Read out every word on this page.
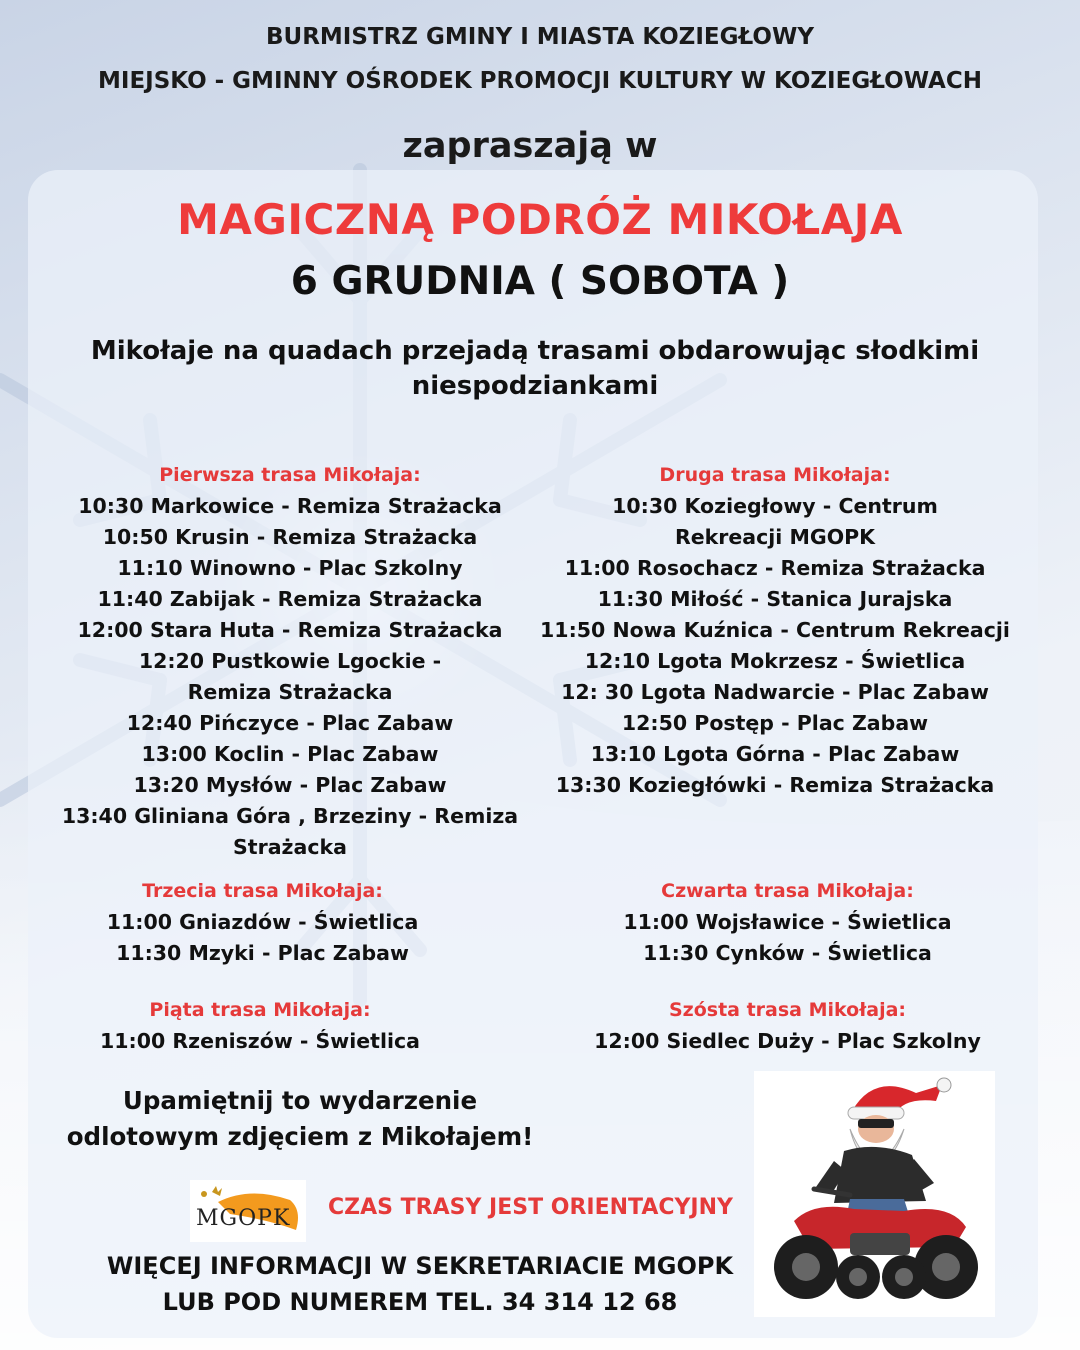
BURMISTRZ GMINY I MIASTA KOZIEGŁOWY
MIEJSKO - GMINNY OŚRODEK PROMOCJI KULTURY W KOZIEGŁOWACH
zapraszają w
MAGICZNĄ PODRÓŻ MIKOŁAJA
6 GRUDNIA ( SOBOTA )
Mikołaje na quadach przejadą trasami obdarowując słodkimi niespodziankami
Pierwsza trasa Mikołaja:
10:30 Markowice - Remiza Strażacka
10:50 Krusin - Remiza Strażacka
11:10 Winowno - Plac Szkolny
11:40 Zabijak - Remiza Strażacka
12:00 Stara Huta - Remiza Strażacka
12:20 Pustkowie Lgockie - Remiza Strażacka
12:40 Pińczyce - Plac Zabaw
13:00 Koclin - Plac Zabaw
13:20 Mysłów - Plac Zabaw
13:40 Gliniana Góra , Brzeziny - Remiza Strażacka
Druga trasa Mikołaja:
10:30 Koziegłowy - Centrum Rekreacji MGOPK
11:00 Rosochacz - Remiza Strażacka
11:30 Miłość - Stanica Jurajska
11:50 Nowa Kuźnica - Centrum Rekreacji
12:10 Lgota Mokrzesz - Świetlica
12: 30 Lgota Nadwarcie - Plac Zabaw
12:50 Postęp - Plac Zabaw
13:10 Lgota Górna - Plac Zabaw
13:30 Koziegłówki - Remiza Strażacka
Trzecia trasa Mikołaja:
11:00 Gniazdów - Świetlica
11:30 Mzyki - Plac Zabaw
Czwarta trasa Mikołaja:
11:00 Wojsławice - Świetlica
11:30 Cynków - Świetlica
Piąta trasa Mikołaja:
11:00 Rzeniszów - Świetlica
Szósta trasa Mikołaja:
12:00 Siedlec Duży - Plac Szkolny
Upamiętnij to wydarzenie
odlotowym zdjęciem z Mikołajem!
MGOPK CZAS TRASY JEST ORIENTACYJNY
WIĘCEJ INFORMACJI W SEKRETARIACIE MGOPK
LUB POD NUMEREM TEL. 34 314 12 68
